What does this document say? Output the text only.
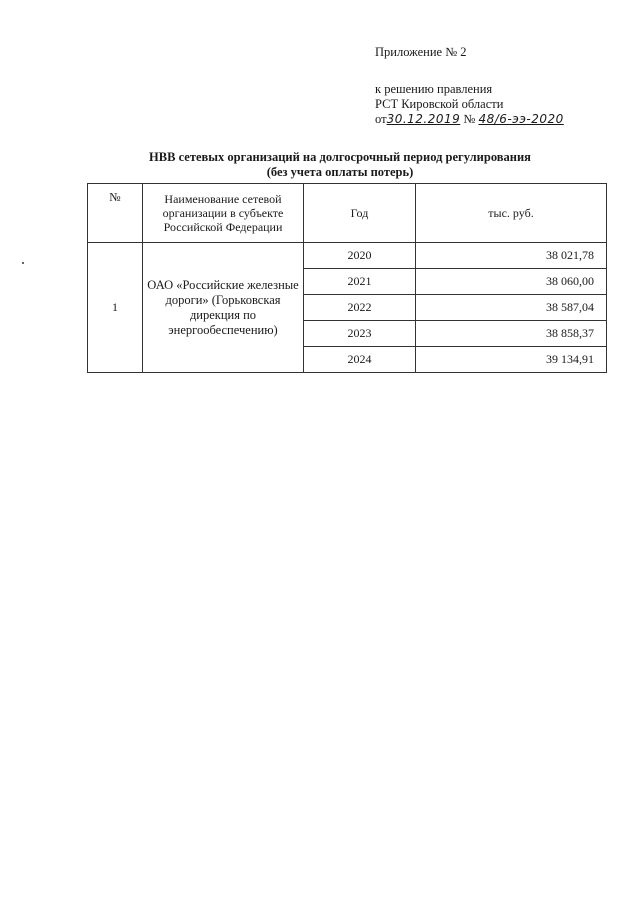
Приложение № 2
к решению правления
РСТ Кировской области
от30.12.2019 № 48/6-ээ-2020
НВВ сетевых организаций на долгосрочный период регулирования
(без учета оплаты потерь)
№	Наименование сетевой организации в субъекте Российской Федерации	Год	тыс. руб.
1	ОАО «Российские железные дороги» (Горьковская дирекция по энергообеспечению)	2020	38 021,78
		2021	38 060,00
		2022	38 587,04
		2023	38 858,37
		2024	39 134,91
